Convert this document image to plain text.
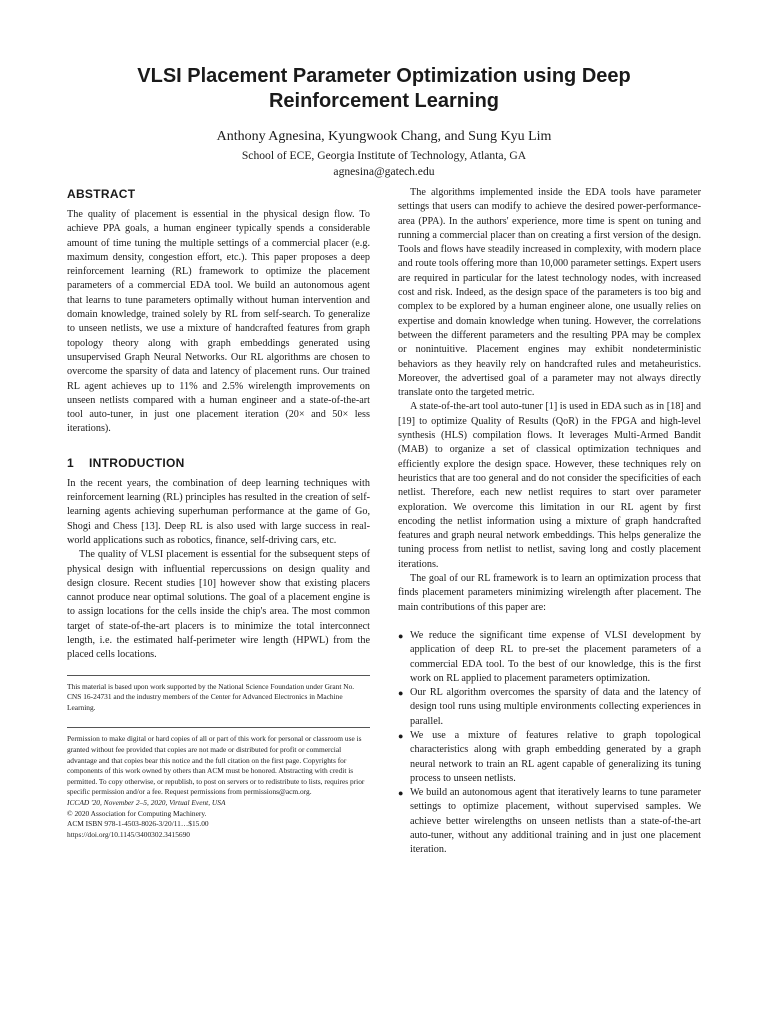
VLSI Placement Parameter Optimization using Deep
Reinforcement Learning
Anthony Agnesina, Kyungwook Chang, and Sung Kyu Lim
School of ECE, Georgia Institute of Technology, Atlanta, GA
agnesina@gatech.edu
ABSTRACT

The quality of placement is essential in the physical design flow. To achieve PPA goals, a human engineer typically spends a considerable amount of time tuning the multiple settings of a commercial placer (e.g. maximum density, congestion effort, etc.). This paper proposes a deep reinforcement learning (RL) framework to optimize the placement parameters of a commercial EDA tool. We build an autonomous agent that learns to tune parameters optimally without human intervention and domain knowledge, trained solely by RL from self-search. To generalize to unseen netlists, we use a mixture of handcrafted features from graph topology theory along with graph embeddings generated using unsupervised Graph Neural Networks. Our RL algorithms are chosen to overcome the sparsity of data and latency of placement runs. Our trained RL agent achieves up to 11% and 2.5% wirelength improvements on unseen netlists compared with a human engineer and a state-of-the-art tool auto-tuner, in just one placement iteration (20× and 50× less iterations).

1 INTRODUCTION

In the recent years, the combination of deep learning techniques with reinforcement learning (RL) principles has resulted in the creation of self-learning agents achieving superhuman performance at the game of Go, Shogi and Chess [13]. Deep RL is also used with large success in real-world applications such as robotics, finance, self-driving cars, etc.

The quality of VLSI placement is essential for the subsequent steps of physical design with influential repercussions on design quality and design closure. Recent studies [10] however show that existing placers cannot produce near optimal solutions. The goal of a placement engine is to assign locations for the cells inside the chip's area. The most common target of state-of-the-art placers is to minimize the total interconnect length, i.e. the estimated half-perimeter wire length (HPWL) from the placed cells locations.

This material is based upon work supported by the National Science Foundation under Grant No. CNS 16-24731 and the industry members of the Center for Advanced Electronics in Machine Learning.

Permission to make digital or hard copies of all or part of this work for personal or classroom use is granted without fee provided that copies are not made or distributed for profit or commercial advantage and that copies bear this notice and the full citation on the first page. Copyrights for components of this work owned by others than ACM must be honored. Abstracting with credit is permitted. To copy otherwise, or republish, to post on servers or to redistribute to lists, requires prior specific permission and/or a fee. Request permissions from permissions@acm.org.

ICCAD '20, November 2–5, 2020, Virtual Event, USA

© 2020 Association for Computing Machinery.

ACM ISBN 978-1-4503-8026-3/20/11…$15.00

https://doi.org/10.1145/3400302.3415690

The algorithms implemented inside the EDA tools have parameter settings that users can modify to achieve the desired power-performance-area (PPA). In the authors' experience, more time is spent on tuning and running a commercial placer than on creating a first version of the design. Tools and flows have steadily increased in complexity, with modern place and route tools offering more than 10,000 parameter settings. Expert users are required in particular for the latest technology nodes, with increased cost and risk. Indeed, as the design space of the parameters is too big and complex to be explored by a human engineer alone, one usually relies on expertise and domain knowledge when tuning. However, the correlations between the different parameters and the resulting PPA may be complex or nonintuitive. Placement engines may exhibit nondeterministic behaviors as they heavily rely on handcrafted rules and metaheuristics. Moreover, the advertised goal of a parameter may not always directly translate onto the targeted metric.

A state-of-the-art tool auto-tuner [1] is used in EDA such as in [18] and [19] to optimize Quality of Results (QoR) in the FPGA and high-level synthesis (HLS) compilation flows. It leverages Multi-Armed Bandit (MAB) to organize a set of classical optimization techniques and efficiently explore the design space. However, these techniques rely on heuristics that are too general and do not consider the specificities of each netlist. Therefore, each new netlist requires to start over parameter exploration. We overcome this limitation in our RL agent by first encoding the netlist information using a mixture of graph handcrafted features and graph neural network embeddings. This helps generalize the tuning process from netlist to netlist, saving long and costly placement iterations.

The goal of our RL framework is to learn an optimization process that finds placement parameters minimizing wirelength after placement. The main contributions of this paper are:

● We reduce the significant time expense of VLSI development by application of deep RL to pre-set the placement parameters of a commercial EDA tool. To the best of our knowledge, this is the first work on RL applied to placement parameters optimization.
● Our RL algorithm overcomes the sparsity of data and the latency of design tool runs using multiple environments collecting experiences in parallel.
● We use a mixture of features relative to graph topological characteristics along with graph embedding generated by a graph neural network to train an RL agent capable of generalizing its tuning process to unseen netlists.
● We build an autonomous agent that iteratively learns to tune parameter settings to optimize placement, without supervised samples. We achieve better wirelengths on unseen netlists than a state-of-the-art auto-tuner, without any additional training and in just one placement iteration.
